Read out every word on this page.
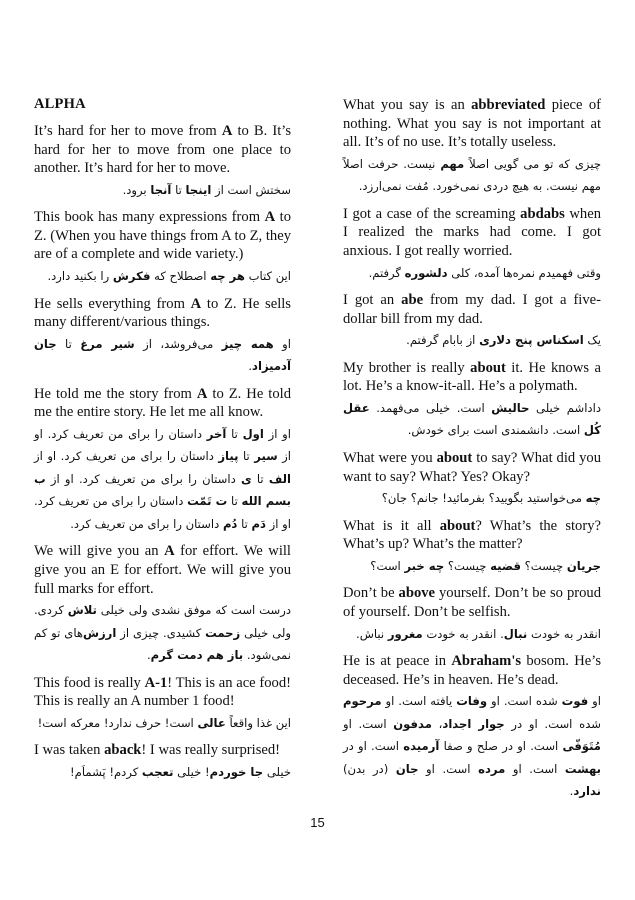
ALPHA

It’s hard for her to move from A to B. It’s hard for her to move from one place to another. It’s hard for her to move.

سختش است از اینجا تا آنجا برود.

This book has many expressions from A to Z. (When you have things from A to Z, they are of a complete and wide variety.)

این کتاب هر چه اصطلاح که فکرش را بکنید دارد.

He sells everything from A to Z. He sells many different/various things.

او همه چیز می‌فروشد، از شیر مرغ تا جان آدمیزاد.

He told me the story from A to Z. He told me the entire story. He let me all know.

او از اول تا آخر داستان را برای من تعریف کرد. او از سیر تا پیاز داستان را برای من تعریف کرد. او از الف تا ی داستان را برای من تعریف کرد. او از ب بسم الله تا ت تَمّت داستان را برای من تعریف کرد. او از دَم تا دُم داستان را برای من تعریف کرد.

We will give you an A for effort. We will give you an E for effort. We will give you full marks for effort.

درست است که موفق نشدی ولی خیلی تلاش کردی. ولی خیلی زحمت کشیدی. چیزی از ارزش‌های تو کم نمی‌شود. باز هم دمت گرم.

This food is really A-1! This is an ace food! This is really an A number 1 food!

این غذا واقعاً عالی است! حرف ندارد! معرکه است!

I was taken aback! I was really surprised!

خیلی جا خوردم! خیلی تعجب کردم! پَشماَم!

What you say is an abbreviated piece of nothing. What you say is not important at all. It’s of no use. It’s totally useless.

چیزی که تو می گویی اصلاً مهم نیست. حرفت اصلاً مهم نیست. به هیچ دردی نمی‌خورد. مُفت نمی‌ارزد.

I got a case of the screaming abdabs when I realized the marks had come. I got anxious. I got really worried.

وقتی فهمیدم نمره‌ها آمده، کلی دلشوره گرفتم.

I got an abe from my dad. I got a five-dollar bill from my dad.

یک اسکناس پنج دلاری از بابام گرفتم.

My brother is really about it. He knows a lot. He’s a know-it-all. He’s a polymath.

داداشم خیلی حالیش است. خیلی می‌فهمد. عقل کُل است. دانشمندی است برای خودش.

What were you about to say? What did you want to say? What? Yes? Okay?

چه می‌خواستید بگویید؟ بفرمائید! جانم؟ جان؟

What is it all about? What’s the story? What’s up? What’s the matter?

جریان چیست؟ قضیه چیست؟ چه خبر است؟

Don’t be above yourself. Don’t be so proud of yourself. Don’t be selfish.

انقدر به خودت نبال. انقدر به خودت مغرور نباش.

He is at peace in Abraham's bosom. He’s deceased. He’s in heaven. He’s dead.

او فوت شده است. او وفات یافته است. او مرحوم شده است. او در جوار اجداد، مدفون است. او مُتَوَفّی است. او در صلح و صفا آرمیده است. او در بهشت است. او مرده است. او جان (در بدن) ندارد.

15
